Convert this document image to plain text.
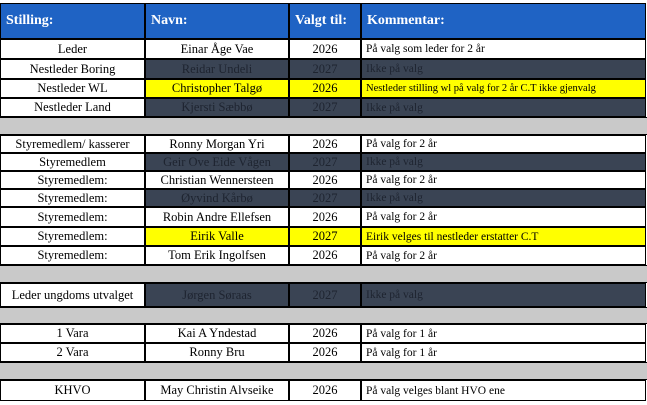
Stilling:	Navn:	Valgt til:	Kommentar:
Leder	Einar Åge Vae	2026	På valg som leder for 2 år
Nestleder Boring	Reidar Undeli	2027	Ikke på valg
Nestleder WL	Christopher Talgø	2026	Nestleder stilling wl på valg for 2 år C.T ikke gjenvalg
Nestleder Land	Kjersti Sæbbø	2027	Ikke på valg
Styremedlem/ kasserer	Ronny Morgan Yri	2026	På valg for 2 år
Styremedlem	Geir Ove Eide Vågen	2027	Ikke på valg
Styremedlem:	Christian Wennersteen	2026	På valg for 2 år
Styremedlem:	Øyvind Kårbø	2027	Ikke på valg
Styremedlem:	Robin Andre Ellefsen	2026	På valg for 2 år
Styremedlem:	Eirik Valle	2027	Eirik velges til nestleder erstatter C.T
Styremedlem:	Tom Erik Ingolfsen	2026	På valg for 2 år
Leder ungdoms utvalget	Jørgen Søraas	2027	Ikke på valg
1 Vara	Kai A Yndestad	2026	På valg for 1 år
2 Vara	Ronny Bru	2026	På valg for 1 år
KHVO	May Christin Alvseike	2026	På valg velges blant HVO ene
